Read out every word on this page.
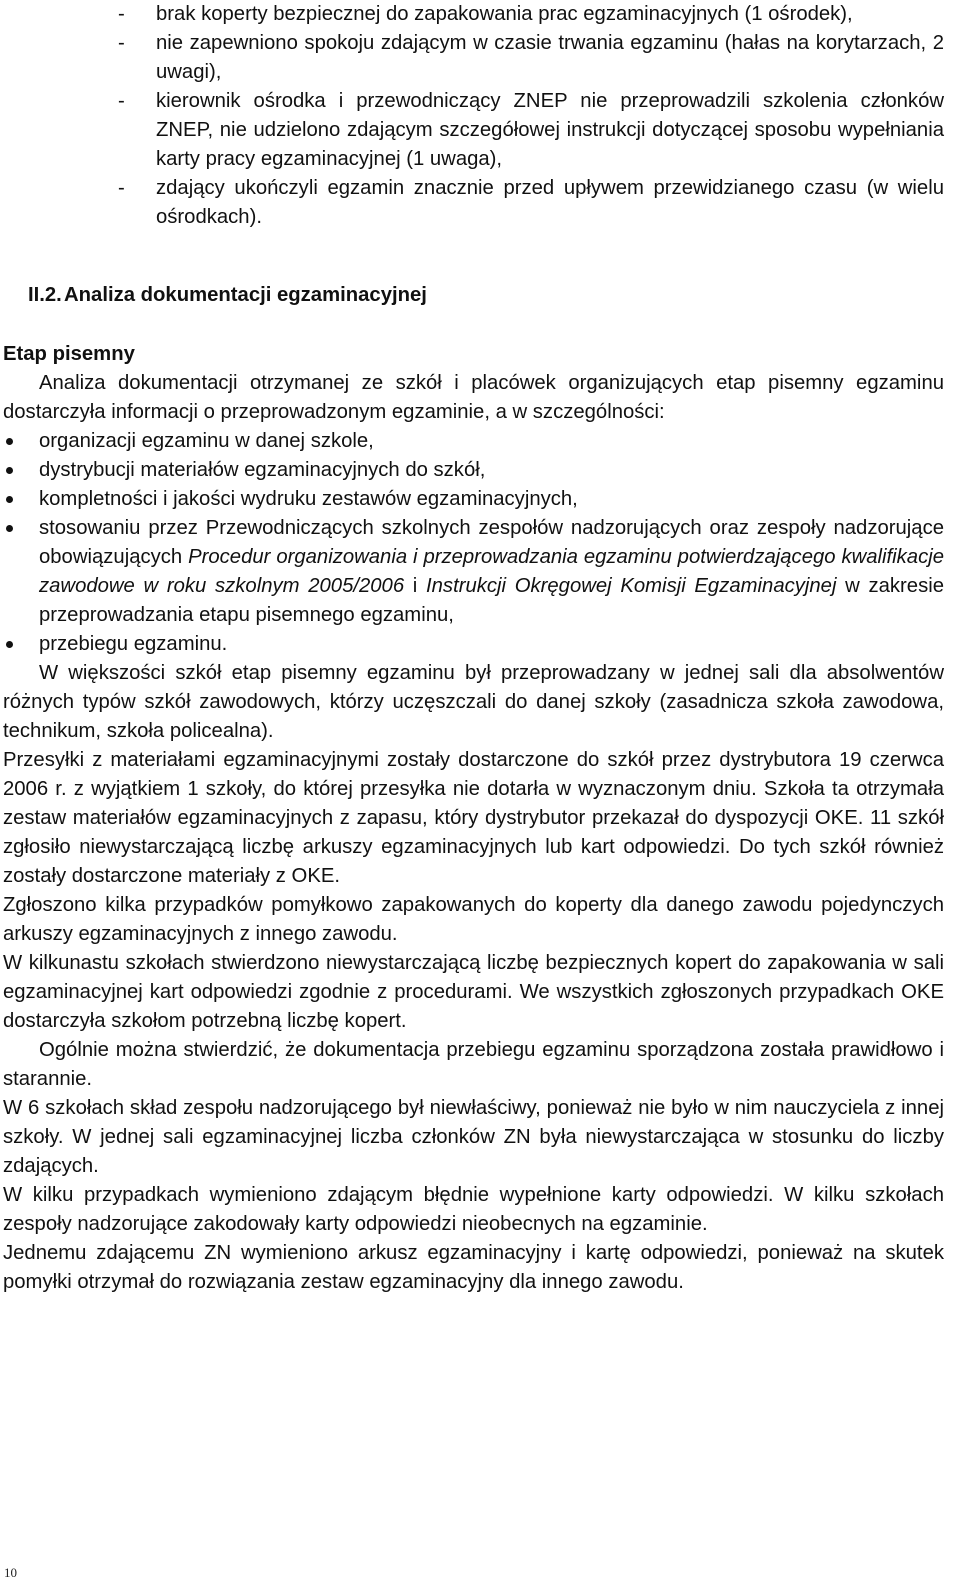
- brak koperty bezpiecznej do zapakowania prac egzaminacyjnych (1 ośrodek),
- nie zapewniono spokoju zdającym w czasie trwania egzaminu (hałas na korytarzach, 2 uwagi),
- kierownik ośrodka i przewodniczący ZNEP nie przeprowadzili szkolenia członków ZNEP, nie udzielono zdającym szczegółowej instrukcji dotyczącej sposobu wypełniania karty pracy egzaminacyjnej (1 uwaga),
- zdający ukończyli egzamin znacznie przed upływem przewidzianego czasu (w wielu ośrodkach).
II.2. Analiza dokumentacji egzaminacyjnej
Etap pisemny
Analiza dokumentacji otrzymanej ze szkół i placówek organizujących etap pisemny egzaminu dostarczyła informacji o przeprowadzonym egzaminie, a w szczególności:
organizacji egzaminu w danej szkole,
dystrybucji materiałów egzaminacyjnych do szkół,
kompletności i jakości wydruku zestawów egzaminacyjnych,
stosowaniu przez Przewodniczących szkolnych zespołów nadzorujących oraz zespoły nadzorujące obowiązujących Procedur organizowania i przeprowadzania egzaminu potwierdzającego kwalifikacje zawodowe w roku szkolnym 2005/2006 i Instrukcji Okręgowej Komisji Egzaminacyjnej w zakresie przeprowadzania etapu pisemnego egzaminu,
przebiegu egzaminu.
W większości szkół etap pisemny egzaminu był przeprowadzany w jednej sali dla absolwentów różnych typów szkół zawodowych, którzy uczęszczali do danej szkoły (zasadnicza szkoła zawodowa, technikum, szkoła policealna).
Przesyłki z materiałami egzaminacyjnymi zostały dostarczone do szkół przez dystrybutora 19 czerwca 2006 r. z wyjątkiem 1 szkoły, do której przesyłka nie dotarła w wyznaczonym dniu. Szkoła ta otrzymała zestaw materiałów egzaminacyjnych z zapasu, który dystrybutor przekazał do dyspozycji OKE. 11 szkół zgłosiło niewystarczającą liczbę arkuszy egzaminacyjnych lub kart odpowiedzi. Do tych szkół również zostały dostarczone materiały z OKE.
Zgłoszono kilka przypadków pomyłkowo zapakowanych do koperty dla danego zawodu pojedynczych arkuszy egzaminacyjnych z innego zawodu.
W kilkunastu szkołach stwierdzono niewystarczającą liczbę bezpiecznych kopert do zapakowania w sali egzaminacyjnej kart odpowiedzi zgodnie z procedurami. We wszystkich zgłoszonych przypadkach OKE dostarczyła szkołom potrzebną liczbę kopert.
Ogólnie można stwierdzić, że dokumentacja przebiegu egzaminu sporządzona została prawidłowo i starannie.
W 6 szkołach skład zespołu nadzorującego był niewłaściwy, ponieważ nie było w nim nauczyciela z innej szkoły. W jednej sali egzaminacyjnej liczba członków ZN była niewystarczająca w stosunku do liczby zdających.
W kilku przypadkach wymieniono zdającym błędnie wypełnione karty odpowiedzi. W kilku szkołach zespoły nadzorujące zakodowały karty odpowiedzi nieobecnych na egzaminie.
Jednemu zdającemu ZN wymieniono arkusz egzaminacyjny i kartę odpowiedzi, ponieważ na skutek pomyłki otrzymał do rozwiązania zestaw egzaminacyjny dla innego zawodu.
10
